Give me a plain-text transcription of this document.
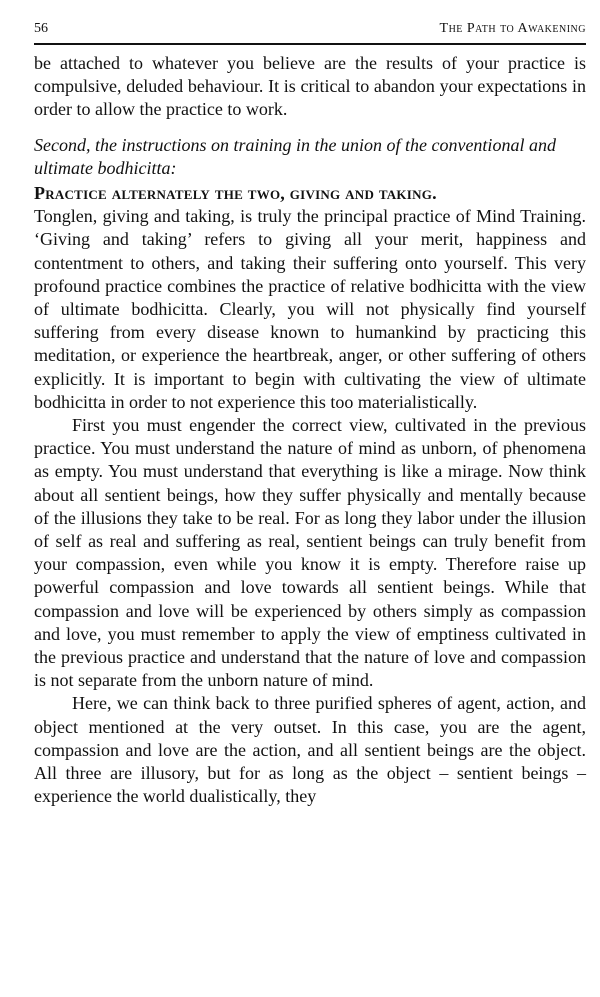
56	The Path to Awakening

be attached to whatever you believe are the results of your practice is compulsive, deluded behaviour. It is critical to abandon your expectations in order to allow the practice to work.

Second, the instructions on training in the union of the conventional and ultimate bodhicitta:

Practice alternately the two, giving and taking.

Tonglen, giving and taking, is truly the principal practice of Mind Training. ‘Giving and taking’ refers to giving all your merit, happiness and contentment to others, and taking their suffering onto yourself. This very profound practice combines the practice of relative bodhicitta with the view of ultimate bodhicitta. Clearly, you will not physically find yourself suffering from every disease known to humankind by practicing this meditation, or experience the heartbreak, anger, or other suffering of others explicitly. It is important to begin with cultivating the view of ultimate bodhicitta in order to not experience this too materialistically.

First you must engender the correct view, cultivated in the previous practice. You must understand the nature of mind as unborn, of phenomena as empty. You must understand that everything is like a mirage. Now think about all sentient beings, how they suffer physically and mentally because of the illusions they take to be real. For as long they labor under the illusion of self as real and suffering as real, sentient beings can truly benefit from your compassion, even while you know it is empty. Therefore raise up powerful compassion and love towards all sentient beings. While that compassion and love will be experienced by others simply as compassion and love, you must remember to apply the view of emptiness cultivated in the previous practice and understand that the nature of love and compassion is not separate from the unborn nature of mind.

Here, we can think back to three purified spheres of agent, action, and object mentioned at the very outset. In this case, you are the agent, compassion and love are the action, and all sentient beings are the object. All three are illusory, but for as long as the object – sentient beings – experience the world dualistically, they
